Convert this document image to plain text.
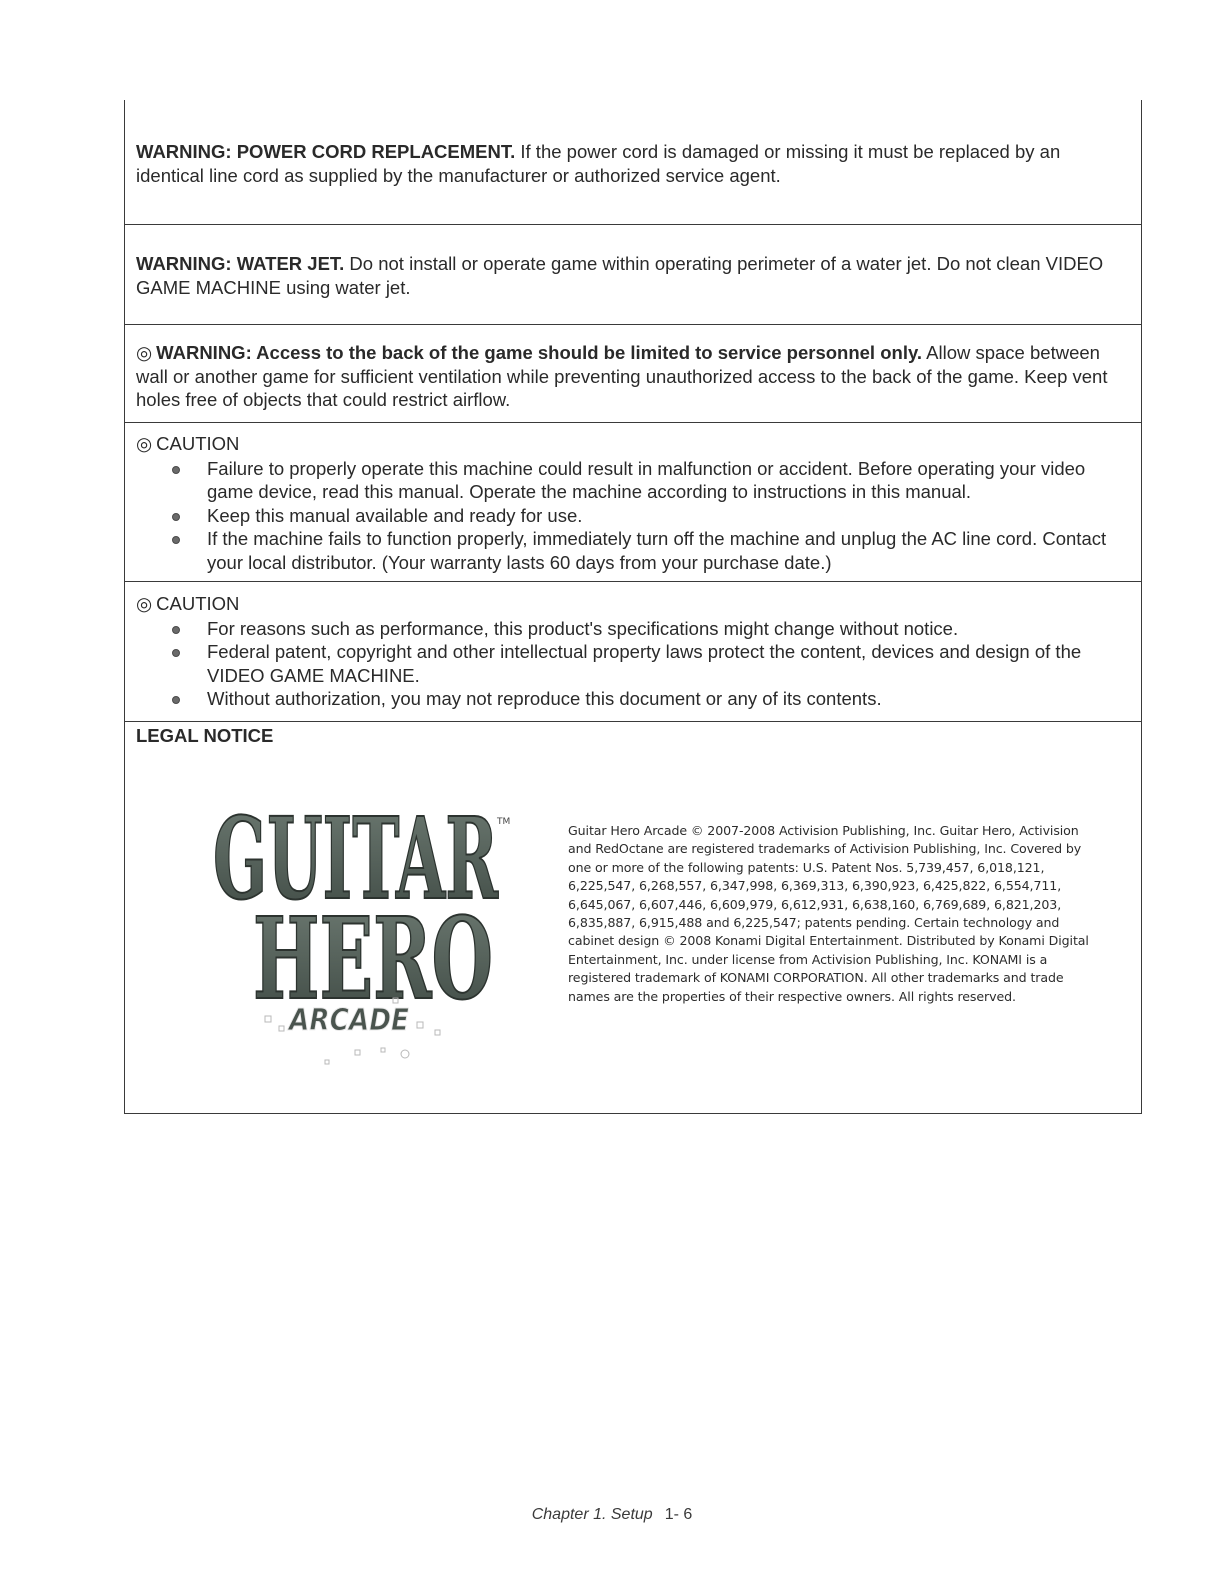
WARNING: POWER CORD REPLACEMENT. If the power cord is damaged or missing it must be replaced by an identical line cord as supplied by the manufacturer or authorized service agent.
WARNING: WATER JET. Do not install or operate game within operating perimeter of a water jet. Do not clean VIDEO GAME MACHINE using water jet.
◎ WARNING: Access to the back of the game should be limited to service personnel only. Allow space between wall or another game for sufficient ventilation while preventing unauthorized access to the back of the game. Keep vent holes free of objects that could restrict airflow.
◎ CAUTION
Failure to properly operate this machine could result in malfunction or accident. Before operating your video game device, read this manual. Operate the machine according to instructions in this manual.
Keep this manual available and ready for use.
If the machine fails to function properly, immediately turn off the machine and unplug the AC line cord. Contact your local distributor. (Your warranty lasts 60 days from your purchase date.)
◎ CAUTION
For reasons such as performance, this product's specifications might change without notice.
Federal patent, copyright and other intellectual property laws protect the content, devices and design of the VIDEO GAME MACHINE.
Without authorization, you may not reproduce this document or any of its contents.
LEGAL NOTICE
GUITAR
HERO
ARCADE
TM
Guitar Hero Arcade © 2007-2008 Activision Publishing, Inc. Guitar Hero, Activision and RedOctane are registered trademarks of Activision Publishing, Inc. Covered by one or more of the following patents: U.S. Patent Nos. 5,739,457, 6,018,121, 6,225,547, 6,268,557, 6,347,998, 6,369,313, 6,390,923, 6,425,822, 6,554,711, 6,645,067, 6,607,446, 6,609,979, 6,612,931, 6,638,160, 6,769,689, 6,821,203, 6,835,887, 6,915,488 and 6,225,547; patents pending. Certain technology and cabinet design © 2008 Konami Digital Entertainment. Distributed by Konami Digital Entertainment, Inc. under license from Activision Publishing, Inc. KONAMI is a registered trademark of KONAMI CORPORATION. All other trademarks and trade names are the properties of their respective owners. All rights reserved.
Chapter 1. Setup 1- 6
